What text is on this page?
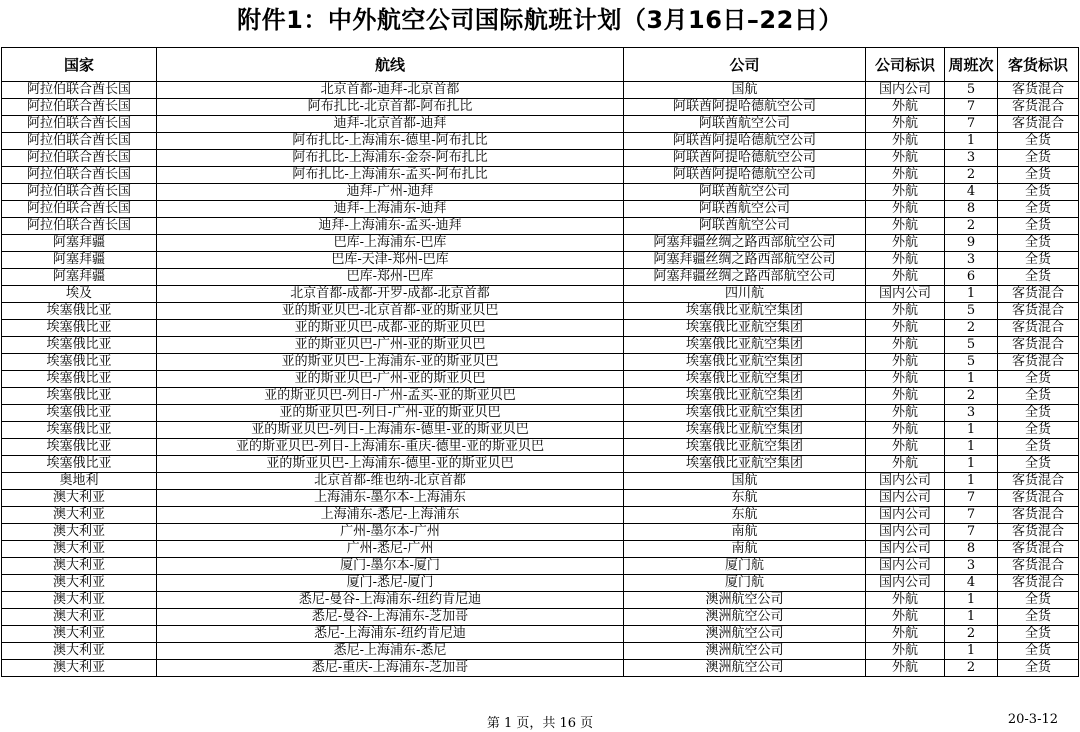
附件1：中外航空公司国际航班计划（3月16日–22日）
国家	航线	公司	公司标识	周班次	客货标识
阿拉伯联合酋长国	北京首都-迪拜-北京首都	国航	国内公司	5	客货混合
阿拉伯联合酋长国	阿布扎比-北京首都-阿布扎比	阿联酋阿提哈德航空公司	外航	7	客货混合
阿拉伯联合酋长国	迪拜-北京首都-迪拜	阿联酋航空公司	外航	7	客货混合
阿拉伯联合酋长国	阿布扎比-上海浦东-德里-阿布扎比	阿联酋阿提哈德航空公司	外航	1	全货
阿拉伯联合酋长国	阿布扎比-上海浦东-金奈-阿布扎比	阿联酋阿提哈德航空公司	外航	3	全货
阿拉伯联合酋长国	阿布扎比-上海浦东-孟买-阿布扎比	阿联酋阿提哈德航空公司	外航	2	全货
阿拉伯联合酋长国	迪拜-广州-迪拜	阿联酋航空公司	外航	4	全货
阿拉伯联合酋长国	迪拜-上海浦东-迪拜	阿联酋航空公司	外航	8	全货
阿拉伯联合酋长国	迪拜-上海浦东-孟买-迪拜	阿联酋航空公司	外航	2	全货
阿塞拜疆	巴库-上海浦东-巴库	阿塞拜疆丝绸之路西部航空公司	外航	9	全货
阿塞拜疆	巴库-天津-郑州-巴库	阿塞拜疆丝绸之路西部航空公司	外航	3	全货
阿塞拜疆	巴库-郑州-巴库	阿塞拜疆丝绸之路西部航空公司	外航	6	全货
埃及	北京首都-成都-开罗-成都-北京首都	四川航	国内公司	1	客货混合
埃塞俄比亚	亚的斯亚贝巴-北京首都-亚的斯亚贝巴	埃塞俄比亚航空集团	外航	5	客货混合
埃塞俄比亚	亚的斯亚贝巴-成都-亚的斯亚贝巴	埃塞俄比亚航空集团	外航	2	客货混合
埃塞俄比亚	亚的斯亚贝巴-广州-亚的斯亚贝巴	埃塞俄比亚航空集团	外航	5	客货混合
埃塞俄比亚	亚的斯亚贝巴-上海浦东-亚的斯亚贝巴	埃塞俄比亚航空集团	外航	5	客货混合
埃塞俄比亚	亚的斯亚贝巴-广州-亚的斯亚贝巴	埃塞俄比亚航空集团	外航	1	全货
埃塞俄比亚	亚的斯亚贝巴-列日-广州-孟买-亚的斯亚贝巴	埃塞俄比亚航空集团	外航	2	全货
埃塞俄比亚	亚的斯亚贝巴-列日-广州-亚的斯亚贝巴	埃塞俄比亚航空集团	外航	3	全货
埃塞俄比亚	亚的斯亚贝巴-列日-上海浦东-德里-亚的斯亚贝巴	埃塞俄比亚航空集团	外航	1	全货
埃塞俄比亚	亚的斯亚贝巴-列日-上海浦东-重庆-德里-亚的斯亚贝巴	埃塞俄比亚航空集团	外航	1	全货
埃塞俄比亚	亚的斯亚贝巴-上海浦东-德里-亚的斯亚贝巴	埃塞俄比亚航空集团	外航	1	全货
奥地利	北京首都-维也纳-北京首都	国航	国内公司	1	客货混合
澳大利亚	上海浦东-墨尔本-上海浦东	东航	国内公司	7	客货混合
澳大利亚	上海浦东-悉尼-上海浦东	东航	国内公司	7	客货混合
澳大利亚	广州-墨尔本-广州	南航	国内公司	7	客货混合
澳大利亚	广州-悉尼-广州	南航	国内公司	8	客货混合
澳大利亚	厦门-墨尔本-厦门	厦门航	国内公司	3	客货混合
澳大利亚	厦门-悉尼-厦门	厦门航	国内公司	4	客货混合
澳大利亚	悉尼-曼谷-上海浦东-纽约肯尼迪	澳洲航空公司	外航	1	全货
澳大利亚	悉尼-曼谷-上海浦东-芝加哥	澳洲航空公司	外航	1	全货
澳大利亚	悉尼-上海浦东-纽约肯尼迪	澳洲航空公司	外航	2	全货
澳大利亚	悉尼-上海浦东-悉尼	澳洲航空公司	外航	1	全货
澳大利亚	悉尼-重庆-上海浦东-芝加哥	澳洲航空公司	外航	2	全货
第 1 页，共 16 页	20-3-12
